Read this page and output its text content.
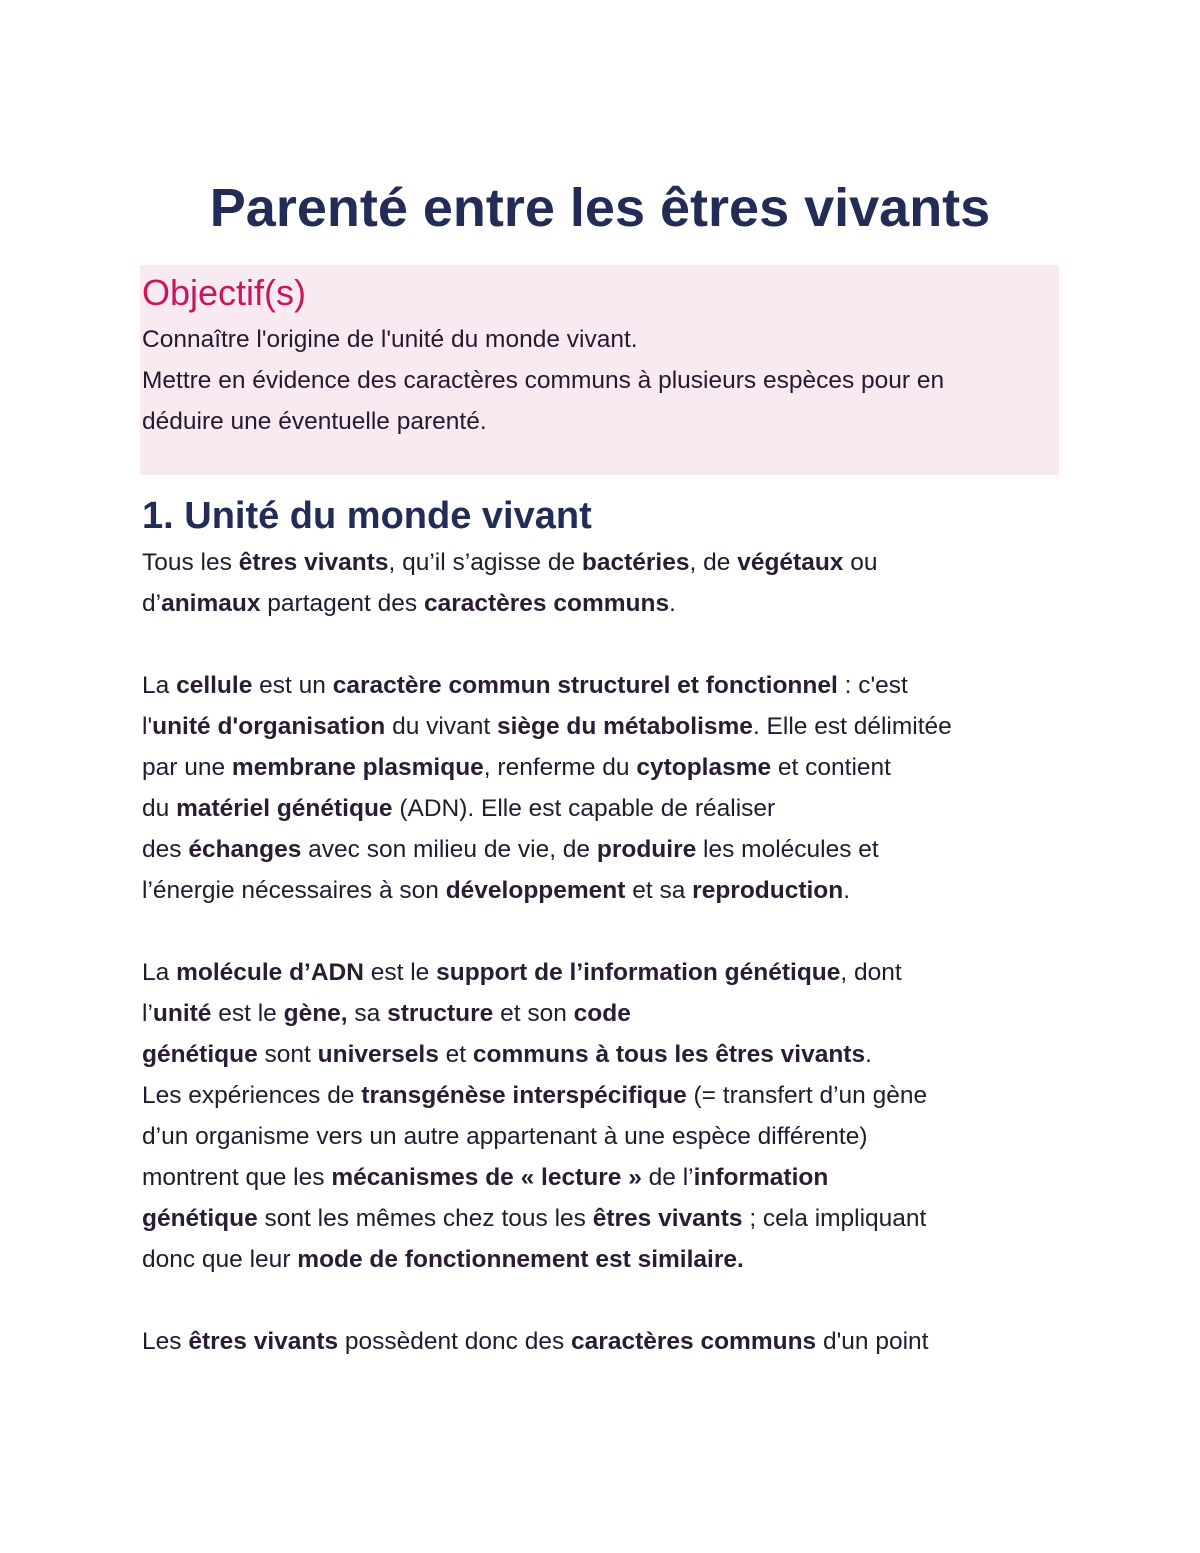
Parenté entre les êtres vivants
Objectif(s)
Connaître l'origine de l'unité du monde vivant.
Mettre en évidence des caractères communs à plusieurs espèces pour en
déduire une éventuelle parenté.
1. Unité du monde vivant

Tous les êtres vivants, qu’il s’agisse de bactéries, de végétaux ou
d’animaux partagent des caractères communs.

La cellule est un caractère commun structurel et fonctionnel : c'est
l'unité d'organisation du vivant siège du métabolisme. Elle est délimitée
par une membrane plasmique, renferme du cytoplasme et contient
du matériel génétique (ADN). Elle est capable de réaliser
des échanges avec son milieu de vie, de produire les molécules et
l’énergie nécessaires à son développement et sa reproduction.

La molécule d’ADN est le support de l’information génétique, dont
l’unité est le gène, sa structure et son code
génétique sont universels et communs à tous les êtres vivants.
Les expériences de transgénèse interspécifique (= transfert d’un gène
d’un organisme vers un autre appartenant à une espèce différente)
montrent que les mécanismes de « lecture » de l’information
génétique sont les mêmes chez tous les êtres vivants ; cela impliquant
donc que leur mode de fonctionnement est similaire.

Les êtres vivants possèdent donc des caractères communs d'un point
